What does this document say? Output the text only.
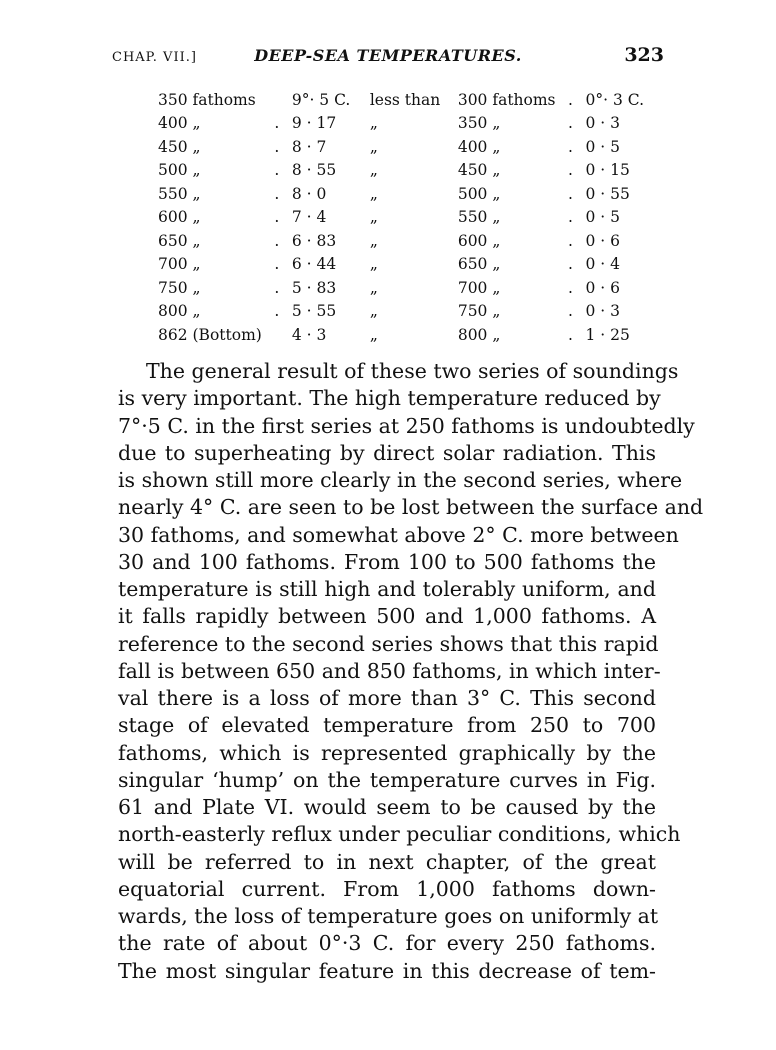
CHAP. VII.]	DEEP-SEA TEMPERATURES.	323
350 fathoms		9°· 5 C.	less than	300 fathoms	.	0°· 3 C.
400 „	.	9 · 17	„	350 „	.	0 · 3
450 „	.	8 · 7	„	400 „	.	0 · 5
500 „	.	8 · 55	„	450 „	.	0 · 15
550 „	.	8 · 0	„	500 „	.	0 · 55
600 „	.	7 · 4	„	550 „	.	0 · 5
650 „	.	6 · 83	„	600 „	.	0 · 6
700 „	.	6 · 44	„	650 „	.	0 · 4
750 „	.	5 · 83	„	700 „	.	0 · 6
800 „	.	5 · 55	„	750 „	.	0 · 3
862 (Bottom)		4 · 3	„	800 „	.	1 · 25
The general result of these two series of soundings
is very important. The high temperature reduced by
7°·5 C. in the first series at 250 fathoms is undoubtedly
due to superheating by direct solar radiation. This
is shown still more clearly in the second series, where
nearly 4° C. are seen to be lost between the surface and
30 fathoms, and somewhat above 2° C. more between
30 and 100 fathoms. From 100 to 500 fathoms the
temperature is still high and tolerably uniform, and
it falls rapidly between 500 and 1,000 fathoms. A
reference to the second series shows that this rapid
fall is between 650 and 850 fathoms, in which inter-
val there is a loss of more than 3° C. This second
stage of elevated temperature from 250 to 700
fathoms, which is represented graphically by the
singular ‘hump’ on the temperature curves in Fig.
61 and Plate VI. would seem to be caused by the
north-easterly reflux under peculiar conditions, which
will be referred to in next chapter, of the great
equatorial current. From 1,000 fathoms down-
wards, the loss of temperature goes on uniformly at
the rate of about 0°·3 C. for every 250 fathoms.
The most singular feature in this decrease of tem-
